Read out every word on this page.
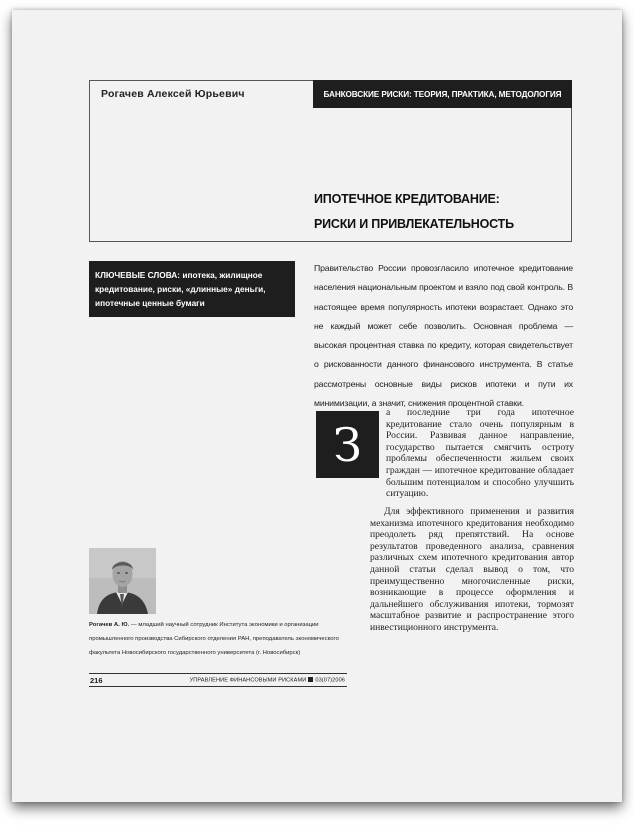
Рогачев Алексей Юрьевич	БАНКОВСКИЕ РИСКИ: ТЕОРИЯ, ПРАКТИКА, МЕТОДОЛОГИЯ
ИПОТЕЧНОЕ КРЕДИТОВАНИЕ:
РИСКИ И ПРИВЛЕКАТЕЛЬНОСТЬ
КЛЮЧЕВЫЕ СЛОВА: ипотека, жилищное кредитование, риски, «длинные» деньги, ипотечные ценные бумаги
Правительство России провозгласило ипотечное кредитование населения национальным проектом и взяло под свой контроль. В настоящее время популярность ипотеки возрастает. Однако это не каждый может себе позволить. Основная проблема — высокая процентная ставка по кредиту, которая свидетельствует о рискованности данного финансового инструмента. В статье рассмотрены основные виды рисков ипотеки и пути их минимизации, а значит, снижения процентной ставки.
З

а последние три года ипотечное кредитование стало очень популярным в России. Развивая данное направление, государство пытается смягчить остроту проблемы обеспеченности жильем своих граждан — ипотечное кредитование обладает большим потенциалом и способно улучшить ситуацию.

Для эффективного применения и развития механизма ипотечного кредитования необходимо преодолеть ряд препятствий. На основе результатов проведенного анализа, сравнения различных схем ипотечного кредитования автор данной статьи сделал вывод о том, что преимущественно многочисленные риски, возникающие в процессе оформления и дальнейшего обслуживания ипотеки, тормозят масштабное развитие и распространение этого инвестиционного инструмента.

Рогачев А. Ю. — младший научный сотрудник Института экономики и организации промышленного производства Сибирского отделения РАН, преподаватель экономического факультета Новосибирского государственного университета (г. Новосибирск)
216	УПРАВЛЕНИЕ ФИНАНСОВЫМИ РИСКАМИ 03(07)2006
